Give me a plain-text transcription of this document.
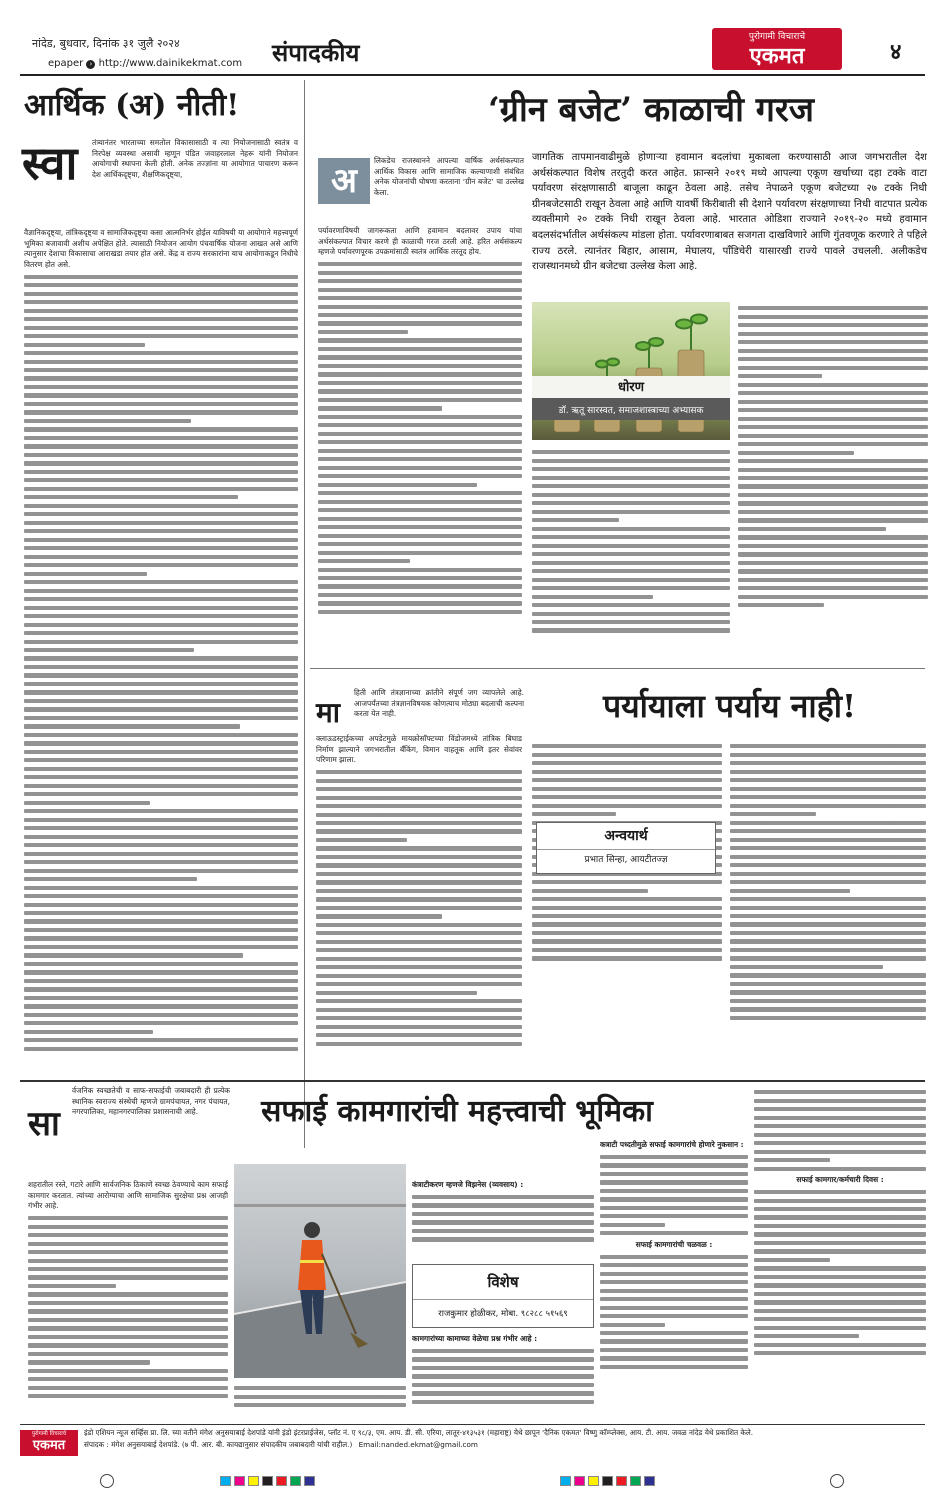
नांदेड, बुधवार, दिनांक ३१ जुलै २०२४	संपादकीय
epaper › http://www.dainikekmat.com
पुरोगामी विचाराचे
एकमत	४
आर्थिक (अ) नीती!
स्वा तंत्र्यानंतर भारताच्या समतोल विकासासाठी व त्या नियोजनासाठी स्वतंत्र व निरपेक्ष व्यवस्था असावी म्हणून पंडित जवाहरलाल नेहरू यांनी नियोजन आयोगाची स्थापना केली होती. अनेक तज्ज्ञांना या आयोगात पाचारण करून देश आर्थिकदृष्ट्या, शैक्षणिकदृष्ट्या,

वैज्ञानिकदृष्ट्या, तांत्रिकदृष्ट्या व सामाजिकदृष्ट्या कसा आत्मनिर्भर होईल याविषयी या आयोगाने महत्त्वपूर्ण भूमिका बजावावी अशीच अपेक्षित होते. त्यासाठी नियोजन आयोग पंचवार्षिक योजना आखत असे आणि त्यानुसार देशाचा विकासाचा आराखडा तयार होत असे. केंद्र व राज्य सरकारांना याच आयोगाकडून निधीचे वितरण होत असे.

‘ग्रीन बजेट’ काळाची गरज
अ
लिकडेच राजस्थानने आपल्या वार्षिक अर्थसंकल्पात आर्थिक विकास आणि सामाजिक कल्याणाशी संबंधित अनेक योजनांची घोषणा करताना ‘ग्रीन बजेट’ चा उल्लेख केला.

पर्यावरणाविषयी जागरूकता आणि हवामान बदलावर उपाय यांचा अर्थसंकल्पात विचार करणे ही काळाची गरज ठरली आहे. हरित अर्थसंकल्प म्हणजे पर्यावरणपूरक उपक्रमांसाठी स्वतंत्र आर्थिक तरतूद होय.

जागतिक तापमानवाढीमुळे होणाऱ्या हवामान बदलांचा मुकाबला करण्यासाठी आज जगभरातील देश अर्थसंकल्पात विशेष तरतुदी करत आहेत. फ्रान्सने २०१९ मध्ये आपल्या एकूण खर्चाच्या दहा टक्के वाटा पर्यावरण संरक्षणासाठी बाजूला काढून ठेवला आहे. तसेच नेपाळने एकूण बजेटच्या २७ टक्के निधी ग्रीनबजेटसाठी राखून ठेवला आहे आणि यावर्षी किरीबाती सी देशाने पर्यावरण संरक्षणाच्या निधी वाटपात प्रत्येक व्यक्तीमागे २० टक्के निधी राखून ठेवला आहे. भारतात ओडिशा राज्याने २०१९-२० मध्ये हवामान बदलसंदर्भातील अर्थसंकल्प मांडला होता. पर्यावरणाबाबत सजगता दाखविणारे आणि गुंतवणूक करणारे ते पहिले राज्य ठरले. त्यानंतर बिहार, आसाम, मेघालय, पॉंडिचेरी यासारखी राज्ये पावले उचलली. अलीकडेच राजस्थानमध्ये ग्रीन बजेटचा उल्लेख केला आहे.
धोरण
डॉ. ऋतू सारस्वत, समाजशास्त्राच्या अभ्यासक
मा
हिती आणि तंत्रज्ञानाच्या क्रांतीने संपूर्ण जग व्यापलेले आहे. आजपर्यंतच्या तंत्रज्ञानविषयक कोणत्याच मोठ्या बदलाची कल्पना करता येत नाही.	पर्यायाला पर्याय नाही!

क्लाऊडस्ट्राईकच्या अपडेटमुळे मायक्रोसॉफ्टच्या विंडोजमध्ये तांत्रिक बिघाड निर्माण झाल्याने जगभरातील बँकिंग, विमान वाहतूक आणि इतर सेवांवर परिणाम झाला.

अन्वयार्थ
प्रभात सिन्हा, आयटीतज्ज्ञ
सा
र्वजनिक स्वच्छतेची व साफ-सफाईची जबाबदारी ही प्रत्येक स्थानिक स्वराज्य संस्थेची म्हणजे ग्रामपंचायत, नगर पंचायत, नगरपालिका, महानगरपालिका प्रशासनाची आहे.	सफाई कामगारांची महत्त्वाची भूमिका

शहरातील रस्ते, गटारे आणि सार्वजनिक ठिकाणे स्वच्छ ठेवण्याचे काम सफाई कामगार करतात. त्यांच्या आरोग्याचा आणि सामाजिक सुरक्षेचा प्रश्न आजही गंभीर आहे.

विशेष
राजकुमार होळीकर, मोबा. ९८२८८ ५१५६९

कंत्राटीकरण म्हणजे विझनेस (व्यवसाय) :

कामगारांच्या कामाच्या वेळेचा प्रश्न गंभीर आहे :

कत्राटी पध्दतीमुळे सफाई कामगारांचे होणारे नुकसान :

सफाई कामगारांची चळवळ :

सफाई कामगार/कर्मचारी दिवस :

पुरोगामी विचाराचे
एकमत
इंडो एशियन न्यूज सर्व्हिस प्रा. लि. च्या वतीने मंगेश अनुसयाबाई देशपांडे यांनी इंडो इंटरप्राईजेस, प्लॉट नं. ए ९८/३, एम. आय. डी. सी. एरिया, लातूर-४१३५३१ (महाराष्ट्र) येथे छापून 'दैनिक एकमत' विष्णु कॉम्प्लेक्स, आय. टी. आय. जवळ नांदेड येथे प्रकाशित केले.
संपादक : मंगेश अनुसयाबाई देशपांडे. (७ पी. आर. बी. कायद्यानुसार संपादकीय जबाबदारी यांची राहील.) Email:nanded.ekmat@gmail.com
